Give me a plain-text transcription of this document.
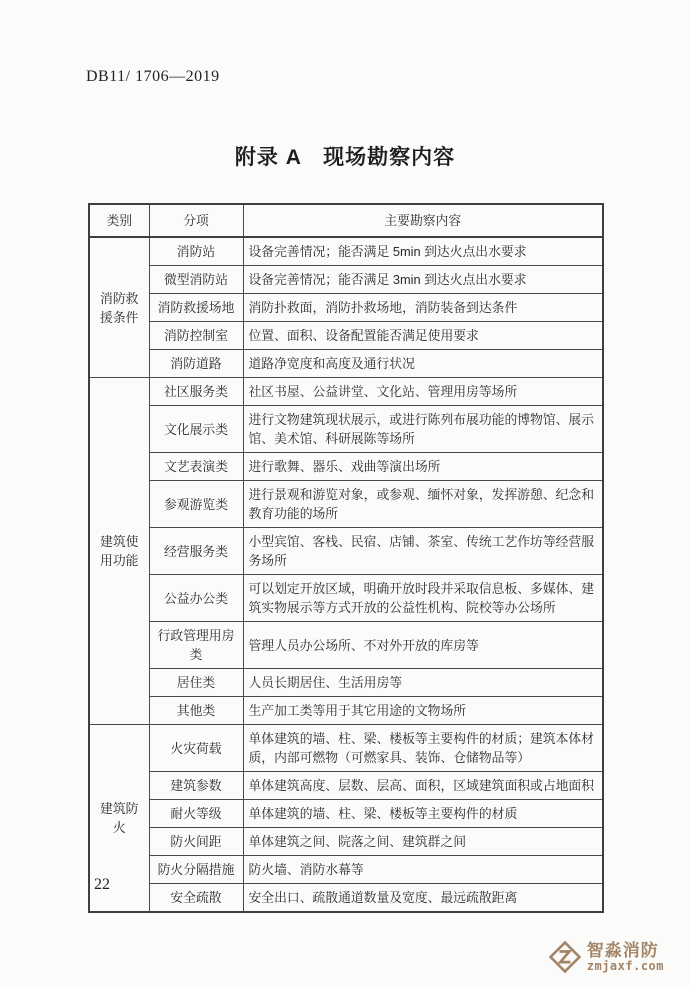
DB11/ 1706—2019
附录 A　现场勘察内容
类别	分项	主要勘察内容
消防救援条件	消防站	设备完善情况；能否满足 5min 到达火点出水要求
	微型消防站	设备完善情况；能否满足 3min 到达火点出水要求
	消防救援场地	消防扑救面，消防扑救场地，消防装备到达条件
	消防控制室	位置、面积、设备配置能否满足使用要求
	消防道路	道路净宽度和高度及通行状况
建筑使用功能	社区服务类	社区书屋、公益讲堂、文化站、管理用房等场所
	文化展示类	进行文物建筑现状展示，或进行陈列布展功能的博物馆、展示馆、美术馆、科研展陈等场所
	文艺表演类	进行歌舞、器乐、戏曲等演出场所
	参观游览类	进行景观和游览对象，或参观、缅怀对象，发挥游憩、纪念和教育功能的场所
	经营服务类	小型宾馆、客栈、民宿、店铺、茶室、传统工艺作坊等经营服务场所
	公益办公类	可以划定开放区域，明确开放时段并采取信息板、多媒体、建筑实物展示等方式开放的公益性机构、院校等办公场所
	行政管理用房类	管理人员办公场所、不对外开放的库房等
	居住类	人员长期居住、生活用房等
	其他类	生产加工类等用于其它用途的文物场所
建筑防火	火灾荷载	单体建筑的墙、柱、梁、楼板等主要构件的材质；建筑本体材质，内部可燃物（可燃家具、装饰、仓储物品等）
	建筑参数	单体建筑高度、层数、层高、面积，区域建筑面积或占地面积
	耐火等级	单体建筑的墙、柱、梁、楼板等主要构件的材质
	防火间距	单体建筑之间、院落之间、建筑群之间
	防火分隔措施	防火墙、消防水幕等
	安全疏散	安全出口、疏散通道数量及宽度、最远疏散距离
22
智淼消防
zmjaxf.com
